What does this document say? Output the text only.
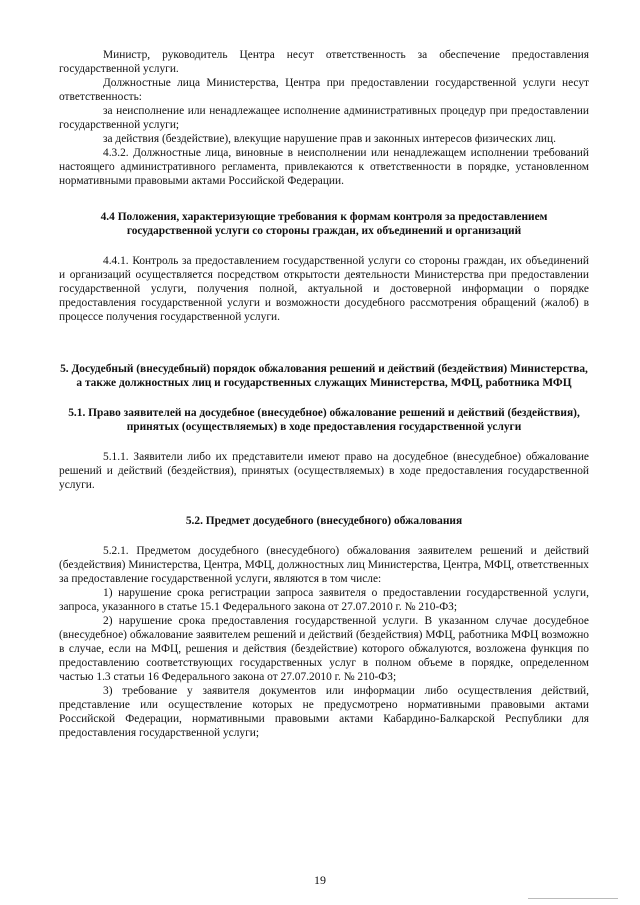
Министр, руководитель Центра несут ответственность за обеспечение предоставления государственной услуги.

Должностные лица Министерства, Центра при предоставлении государственной услуги несут ответственность:

за неисполнение или ненадлежащее исполнение административных процедур при предоставлении государственной услуги;

за действия (бездействие), влекущие нарушение прав и законных интересов физических лиц.

4.3.2. Должностные лица, виновные в неисполнении или ненадлежащем исполнении требований настоящего административного регламента, привлекаются к ответственности в порядке, установленном нормативными правовыми актами Российской Федерации.

4.4 Положения, характеризующие требования к формам контроля за предоставлением государственной услуги со стороны граждан, их объединений и организаций

4.4.1. Контроль за предоставлением государственной услуги со стороны граждан, их объединений и организаций осуществляется посредством открытости деятельности Министерства при предоставлении государственной услуги, получения полной, актуальной и достоверной информации о порядке предоставления государственной услуги и возможности досудебного рассмотрения обращений (жалоб) в процессе получения государственной услуги.

5. Досудебный (внесудебный) порядок обжалования решений и действий (бездействия) Министерства, а также должностных лиц и государственных служащих Министерства, МФЦ, работника МФЦ

5.1. Право заявителей на досудебное (внесудебное) обжалование решений и действий (бездействия), принятых (осуществляемых) в ходе предоставления государственной услуги

5.1.1. Заявители либо их представители имеют право на досудебное (внесудебное) обжалование решений и действий (бездействия), принятых (осуществляемых) в ходе предоставления государственной услуги.

5.2. Предмет досудебного (внесудебного) обжалования

5.2.1. Предметом досудебного (внесудебного) обжалования заявителем решений и действий (бездействия) Министерства, Центра, МФЦ, должностных лиц Министерства, Центра, МФЦ, ответственных за предоставление государственной услуги, являются в том числе:

1) нарушение срока регистрации запроса заявителя о предоставлении государственной услуги, запроса, указанного в статье 15.1 Федерального закона от 27.07.2010 г. № 210-ФЗ;

2) нарушение срока предоставления государственной услуги. В указанном случае досудебное (внесудебное) обжалование заявителем решений и действий (бездействия) МФЦ, работника МФЦ возможно в случае, если на МФЦ, решения и действия (бездействие) которого обжалуются, возложена функция по предоставлению соответствующих государственных услуг в полном объеме в порядке, определенном частью 1.3 статьи 16 Федерального закона от 27.07.2010 г. № 210-ФЗ;

3) требование у заявителя документов или информации либо осуществления действий, представление или осуществление которых не предусмотрено нормативными правовыми актами Российской Федерации, нормативными правовыми актами Кабардино-Балкарской Республики для предоставления государственной услуги;

19
